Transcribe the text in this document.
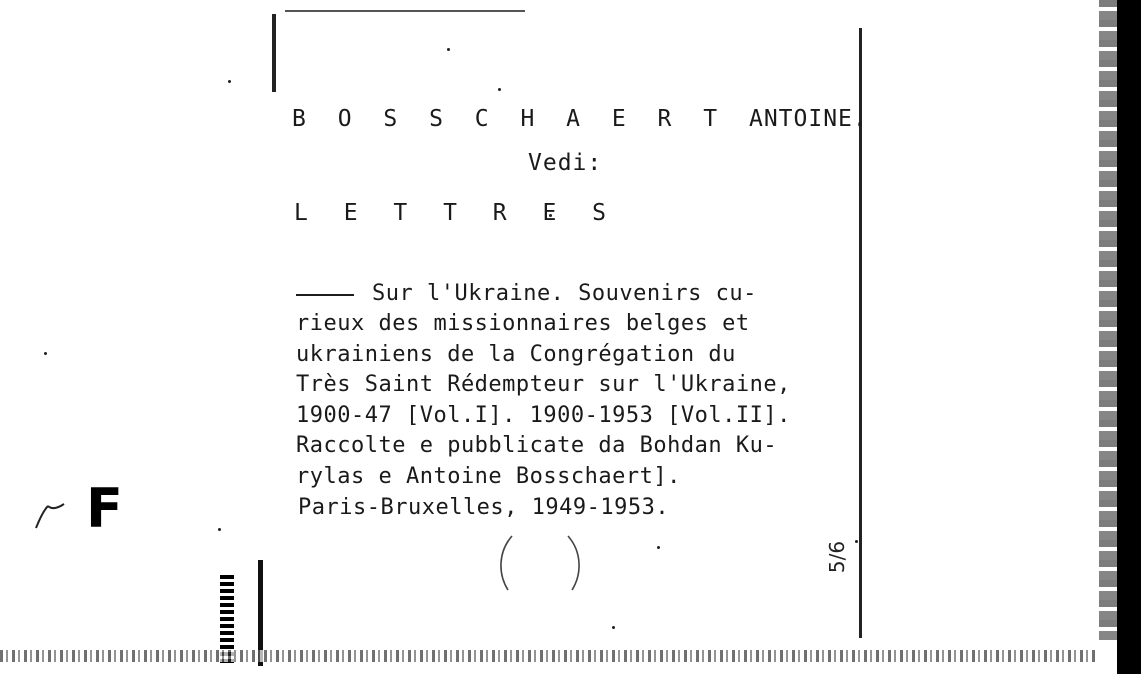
F
B O S S C H A E R T ANTOINE.
Vedi:
L E T T R E S

Sur l'Ukraine. Souvenirs cu-
rieux des missionnaires belges et
ukrainiens de la Congrégation du
Très Saint Rédempteur sur l'Ukraine,
1900-47 [Vol.I]. 1900-1953 [Vol.II].
Raccolte e pubblicate da Bohdan Ku-
rylas e Antoine Bosschaert].
Paris-Bruxelles, 1949-1953.
5/6
